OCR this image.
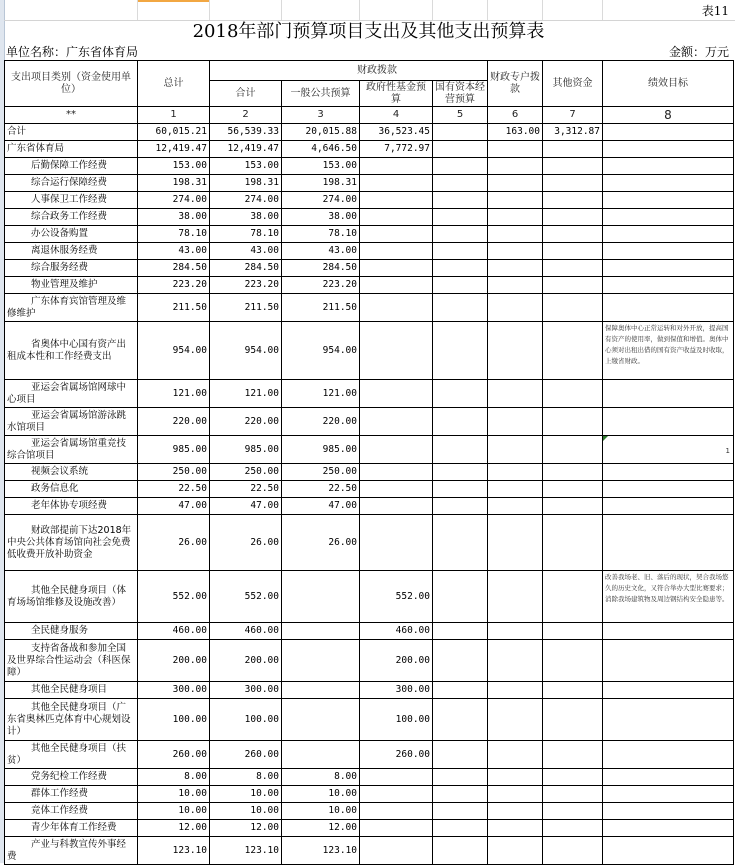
表11
2018年部门预算项目支出及其他支出预算表
单位名称：广东省体育局	金额：万元
支出项目类别（资金使用单位）	总计	财政拨款				财政专户拨款	其他资金	绩效目标
		合计	一般公共预算	政府性基金预算	国有资本经营预算			
**	1	2	3	4	5	6	7	8
合计	60,015.21	56,539.33	20,015.88	36,523.45		163.00	3,312.87	
广东省体育局	12,419.47	12,419.47	4,646.50	7,772.97				
后勤保障工作经费	153.00	153.00	153.00					
综合运行保障经费	198.31	198.31	198.31					
人事保卫工作经费	274.00	274.00	274.00					
综合政务工作经费	38.00	38.00	38.00					
办公设备购置	78.10	78.10	78.10					
离退休服务经费	43.00	43.00	43.00					
综合服务经费	284.50	284.50	284.50					
物业管理及维护	223.20	223.20	223.20					
广东体育宾馆管理及维修维护	211.50	211.50	211.50					
省奥体中心国有资产出租成本性和工作经费支出	954.00	954.00	954.00					保障奥体中心正常运转和对外开放，提高国有资产的使用率，做到保值和增值。奥体中心须对出租出借的国有资产收益及时收取，上缴省财政。
亚运会省属场馆网球中心项目	121.00	121.00	121.00					
亚运会省属场馆游泳跳水馆项目	220.00	220.00	220.00					
亚运会省属场馆重竞技综合馆项目	985.00	985.00	985.00					1

视频会议系统	250.00	250.00	250.00					
政务信息化	22.50	22.50	22.50					
老年体协专项经费	47.00	47.00	47.00					
财政部提前下达2018年中央公共体育场馆向社会免费低收费开放补助资金	26.00	26.00	26.00					
其他全民健身项目（体育场场馆维修及设施改善）	552.00	552.00		552.00				改善我场老、旧、落后的现状，契合我场悠久的历史文化，又符合举办大型比赛要求；消除我场建筑物及周边钢结构安全隐患等。
全民健身服务	460.00	460.00		460.00				
支持省备战和参加全国及世界综合性运动会（科医保障）	200.00	200.00		200.00				
其他全民健身项目	300.00	300.00		300.00				
其他全民健身项目（广东省奥林匹克体育中心规划设计）	100.00	100.00		100.00				
其他全民健身项目（扶贫）	260.00	260.00		260.00				
党务纪检工作经费	8.00	8.00	8.00					
群体工作经费	10.00	10.00	10.00					
竞体工作经费	10.00	10.00	10.00					
青少年体育工作经费	12.00	12.00	12.00					
产业与科教宣传外事经费	123.10	123.10	123.10					
